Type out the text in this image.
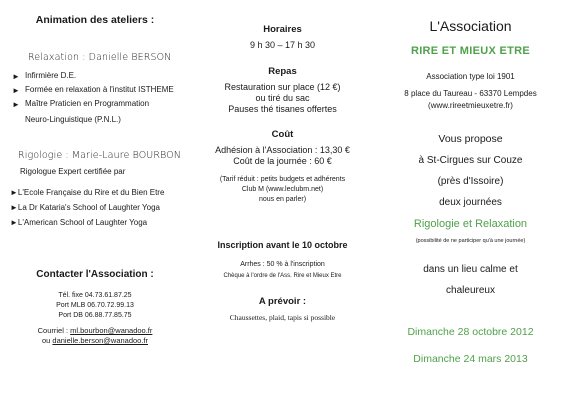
Animation des ateliers :
Relaxation : Danielle BERSON
► Infirmière D.E.
► Formée en relaxation à l'institut ISTHEME
► Maître Praticien en Programmation
Neuro-Linguistique (P.N.L.)
Rigologie : Marie-Laure BOURBON
Rigologue Expert certifiée par
►L'Ecole Française du Rire et du Bien Etre
►La Dr Kataria's School of Laughter Yoga
►L'American School of Laughter Yoga
Contacter l'Association :
Tél. fixe 04.73.61.87.25
Port MLB 06.70.72.99.13
Port DB 06.88.77.85.75
Courriel : ml.bourbon@wanadoo.fr
ou danielle.berson@wanadoo.fr
Horaires
9 h 30 – 17 h 30
Repas
Restauration sur place (12 €)
ou tiré du sac
Pauses thé tisanes offertes
Coût
Adhésion à l'Association : 13,30 €
Coût de la journée : 60 €
(Tarif réduit : petits budgets et adhérents
Club M (www.leclubm.net)
nous en parler)
Inscription avant le 10 octobre
Arrhes : 50 % à l'inscription
Chèque à l'ordre de l'Ass. Rire et Mieux Etre
A prévoir :
Chaussettes, plaid, tapis si possible
L'Association
RIRE ET MIEUX ETRE
Association type loi 1901
8 place du Taureau - 63370 Lempdes
(www.rireetmieuxetre.fr)
Vous propose
à St-Cirgues sur Couze
(près d'Issoire)
deux journées
Rigologie et Relaxation
(possibilité de ne participer qu'à une journée)
dans un lieu calme et
chaleureux
Dimanche 28 octobre 2012
Dimanche 24 mars 2013
